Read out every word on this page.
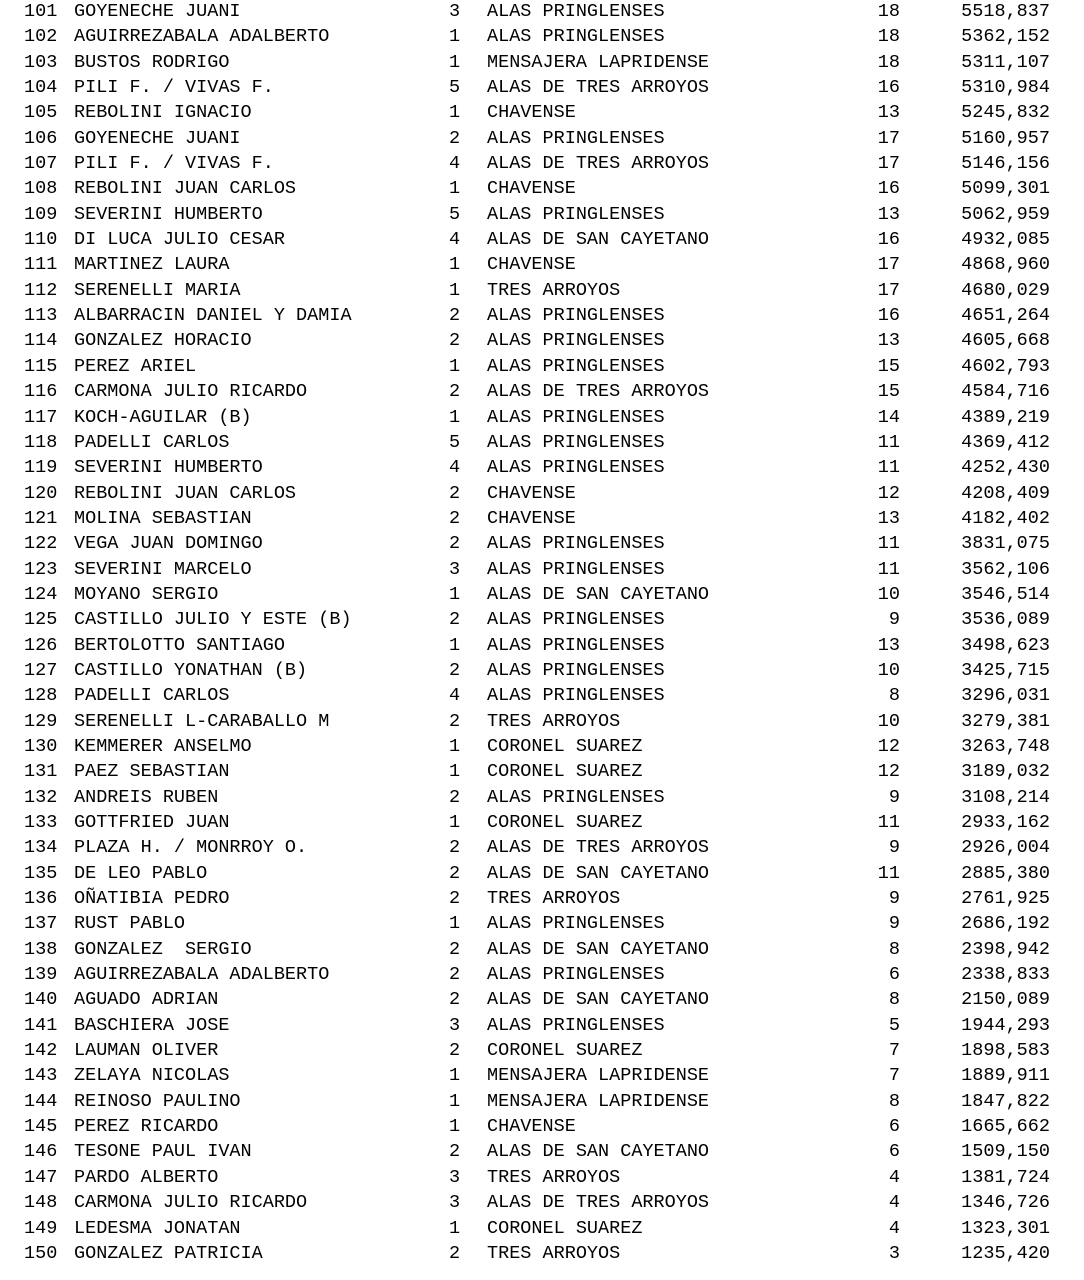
101 GOYENECHE JUANI	3 ALAS PRINGLENSES	18	5518,837
102 AGUIRREZABALA ADALBERTO	1 ALAS PRINGLENSES	18	5362,152
103 BUSTOS RODRIGO	1 MENSAJERA LAPRIDENSE	18	5311,107
104 PILI F. / VIVAS F.	5 ALAS DE TRES ARROYOS	16	5310,984
105 REBOLINI IGNACIO	1 CHAVENSE	13	5245,832
106 GOYENECHE JUANI	2 ALAS PRINGLENSES	17	5160,957
107 PILI F. / VIVAS F.	4 ALAS DE TRES ARROYOS	17	5146,156
108 REBOLINI JUAN CARLOS	1 CHAVENSE	16	5099,301
109 SEVERINI HUMBERTO	5 ALAS PRINGLENSES	13	5062,959
110 DI LUCA JULIO CESAR	4 ALAS DE SAN CAYETANO	16	4932,085
111 MARTINEZ LAURA	1 CHAVENSE	17	4868,960
112 SERENELLI MARIA	1 TRES ARROYOS	17	4680,029
113 ALBARRACIN DANIEL Y DAMIA	2 ALAS PRINGLENSES	16	4651,264
114 GONZALEZ HORACIO	2 ALAS PRINGLENSES	13	4605,668
115 PEREZ ARIEL	1 ALAS PRINGLENSES	15	4602,793
116 CARMONA JULIO RICARDO	2 ALAS DE TRES ARROYOS	15	4584,716
117 KOCH-AGUILAR (B)	1 ALAS PRINGLENSES	14	4389,219
118 PADELLI CARLOS	5 ALAS PRINGLENSES	11	4369,412
119 SEVERINI HUMBERTO	4 ALAS PRINGLENSES	11	4252,430
120 REBOLINI JUAN CARLOS	2 CHAVENSE	12	4208,409
121 MOLINA SEBASTIAN	2 CHAVENSE	13	4182,402
122 VEGA JUAN DOMINGO	2 ALAS PRINGLENSES	11	3831,075
123 SEVERINI MARCELO	3 ALAS PRINGLENSES	11	3562,106
124 MOYANO SERGIO	1 ALAS DE SAN CAYETANO	10	3546,514
125 CASTILLO JULIO Y ESTE (B)	2 ALAS PRINGLENSES	9	3536,089
126 BERTOLOTTO SANTIAGO	1 ALAS PRINGLENSES	13	3498,623
127 CASTILLO YONATHAN (B)	2 ALAS PRINGLENSES	10	3425,715
128 PADELLI CARLOS	4 ALAS PRINGLENSES	8	3296,031
129 SERENELLI L-CARABALLO M	2 TRES ARROYOS	10	3279,381
130 KEMMERER ANSELMO	1 CORONEL SUAREZ	12	3263,748
131 PAEZ SEBASTIAN	1 CORONEL SUAREZ	12	3189,032
132 ANDREIS RUBEN	2 ALAS PRINGLENSES	9	3108,214
133 GOTTFRIED JUAN	1 CORONEL SUAREZ	11	2933,162
134 PLAZA H. / MONRROY O.	2 ALAS DE TRES ARROYOS	9	2926,004
135 DE LEO PABLO	2 ALAS DE SAN CAYETANO	11	2885,380
136 OÑATIBIA PEDRO	2 TRES ARROYOS	9	2761,925
137 RUST PABLO	1 ALAS PRINGLENSES	9	2686,192
138 GONZALEZ  SERGIO	2 ALAS DE SAN CAYETANO	8	2398,942
139 AGUIRREZABALA ADALBERTO	2 ALAS PRINGLENSES	6	2338,833
140 AGUADO ADRIAN	2 ALAS DE SAN CAYETANO	8	2150,089
141 BASCHIERA JOSE	3 ALAS PRINGLENSES	5	1944,293
142 LAUMAN OLIVER	2 CORONEL SUAREZ	7	1898,583
143 ZELAYA NICOLAS	1 MENSAJERA LAPRIDENSE	7	1889,911
144 REINOSO PAULINO	1 MENSAJERA LAPRIDENSE	8	1847,822
145 PEREZ RICARDO	1 CHAVENSE	6	1665,662
146 TESONE PAUL IVAN	2 ALAS DE SAN CAYETANO	6	1509,150
147 PARDO ALBERTO	3 TRES ARROYOS	4	1381,724
148 CARMONA JULIO RICARDO	3 ALAS DE TRES ARROYOS	4	1346,726
149 LEDESMA JONATAN	1 CORONEL SUAREZ	4	1323,301
150 GONZALEZ PATRICIA	2 TRES ARROYOS	3	1235,420
